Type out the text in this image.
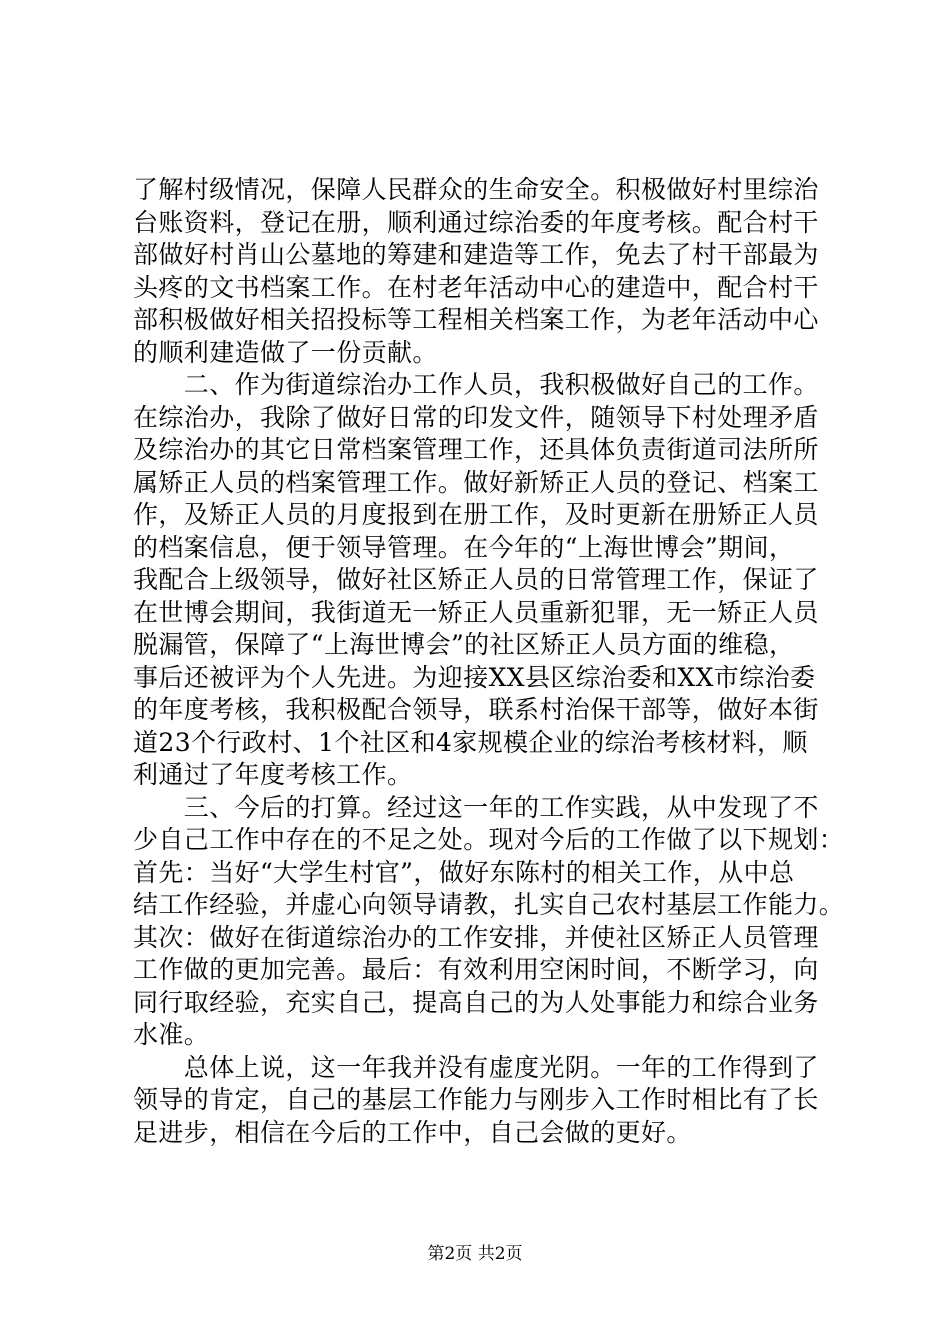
了解村级情况，保障人民群众的生命安全。积极做好村里综治
台账资料，登记在册，顺利通过综治委的年度考核。配合村干
部做好村肖山公墓地的筹建和建造等工作，免去了村干部最为
头疼的文书档案工作。在村老年活动中心的建造中，配合村干
部积极做好相关招投标等工程相关档案工作，为老年活动中心
的顺利建造做了一份贡献。
　　二、作为街道综治办工作人员，我积极做好自己的工作。
在综治办，我除了做好日常的印发文件，随领导下村处理矛盾
及综治办的其它日常档案管理工作，还具体负责街道司法所所
属矫正人员的档案管理工作。做好新矫正人员的登记、档案工
作，及矫正人员的月度报到在册工作，及时更新在册矫正人员
的档案信息，便于领导管理。在今年的“上海世博会”期间，
我配合上级领导，做好社区矫正人员的日常管理工作，保证了
在世博会期间，我街道无一矫正人员重新犯罪，无一矫正人员
脱漏管，保障了“上海世博会”的社区矫正人员方面的维稳，
事后还被评为个人先进。为迎接XX县区综治委和XX市综治委
的年度考核，我积极配合领导，联系村治保干部等，做好本街
道23个行政村、1个社区和4家规模企业的综治考核材料，顺
利通过了年度考核工作。
　　三、今后的打算。经过这一年的工作实践，从中发现了不
少自己工作中存在的不足之处。现对今后的工作做了以下规划：
首先：当好“大学生村官”，做好东陈村的相关工作，从中总
结工作经验，并虚心向领导请教，扎实自己农村基层工作能力。
其次：做好在街道综治办的工作安排，并使社区矫正人员管理
工作做的更加完善。最后：有效利用空闲时间，不断学习，向
同行取经验，充实自己，提高自己的为人处事能力和综合业务
水准。
　　总体上说，这一年我并没有虚度光阴。一年的工作得到了
领导的肯定，自己的基层工作能力与刚步入工作时相比有了长
足进步，相信在今后的工作中，自己会做的更好。
第2页 共2页
